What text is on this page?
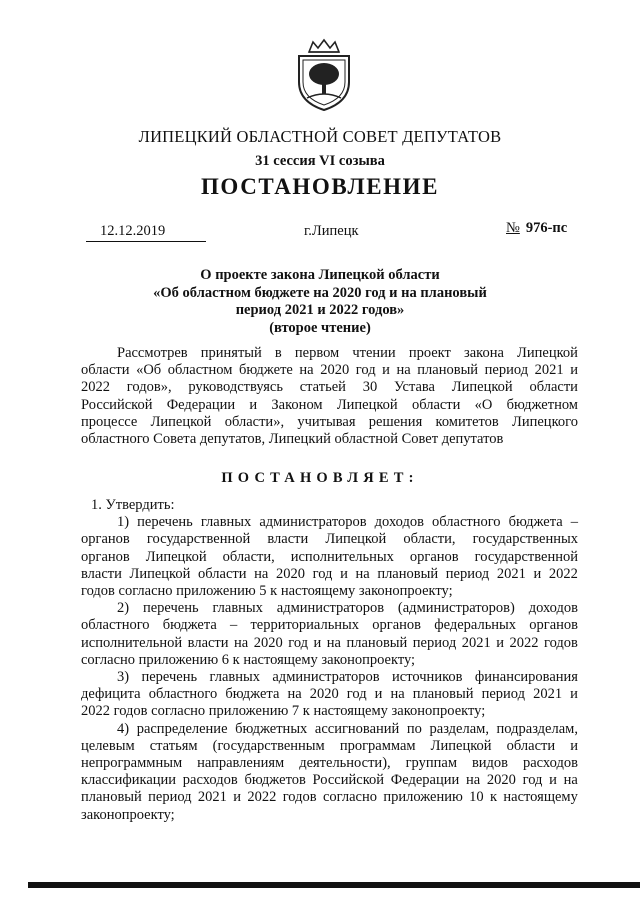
ЛИПЕЦКИЙ ОБЛАСТНОЙ СОВЕТ ДЕПУТАТОВ
31 сессия VI созыва
ПОСТАНОВЛЕНИЕ
12.12.2019	г.Липецк	№ 976-пс
О проекте закона Липецкой области
«Об областном бюджете на 2020 год и на плановый
период 2021 и 2022 годов»
(второе чтение)
Рассмотрев принятый в первом чтении проект закона Липецкой
области «Об областном бюджете на 2020 год и на плановый период 2021 и
2022 годов», руководствуясь статьей 30 Устава Липецкой области
Российской Федерации и Законом Липецкой области «О бюджетном
процессе Липецкой области», учитывая решения комитетов Липецкого
областного Совета депутатов, Липецкий областной Совет депутатов
ПОСТАНОВЛЯЕТ:
1. Утвердить:
1) перечень главных администраторов доходов областного бюджета –
органов государственной власти Липецкой области, государственных
органов Липецкой области, исполнительных органов государственной
власти Липецкой области на 2020 год и на плановый период 2021 и 2022
годов согласно приложению 5 к настоящему законопроекту;
2) перечень главных администраторов (администраторов) доходов
областного бюджета – территориальных органов федеральных органов
исполнительной власти на 2020 год и на плановый период 2021 и 2022 годов
согласно приложению 6 к настоящему законопроекту;
3) перечень главных администраторов источников финансирования
дефицита областного бюджета на 2020 год и на плановый период 2021 и
2022 годов согласно приложению 7 к настоящему законопроекту;
4) распределение бюджетных ассигнований по разделам, подразделам,
целевым статьям (государственным программам Липецкой области и
непрограммным направлениям деятельности), группам видов расходов
классификации расходов бюджетов Российской Федерации на 2020 год и на
плановый период 2021 и 2022 годов согласно приложению 10 к настоящему
законопроекту;
